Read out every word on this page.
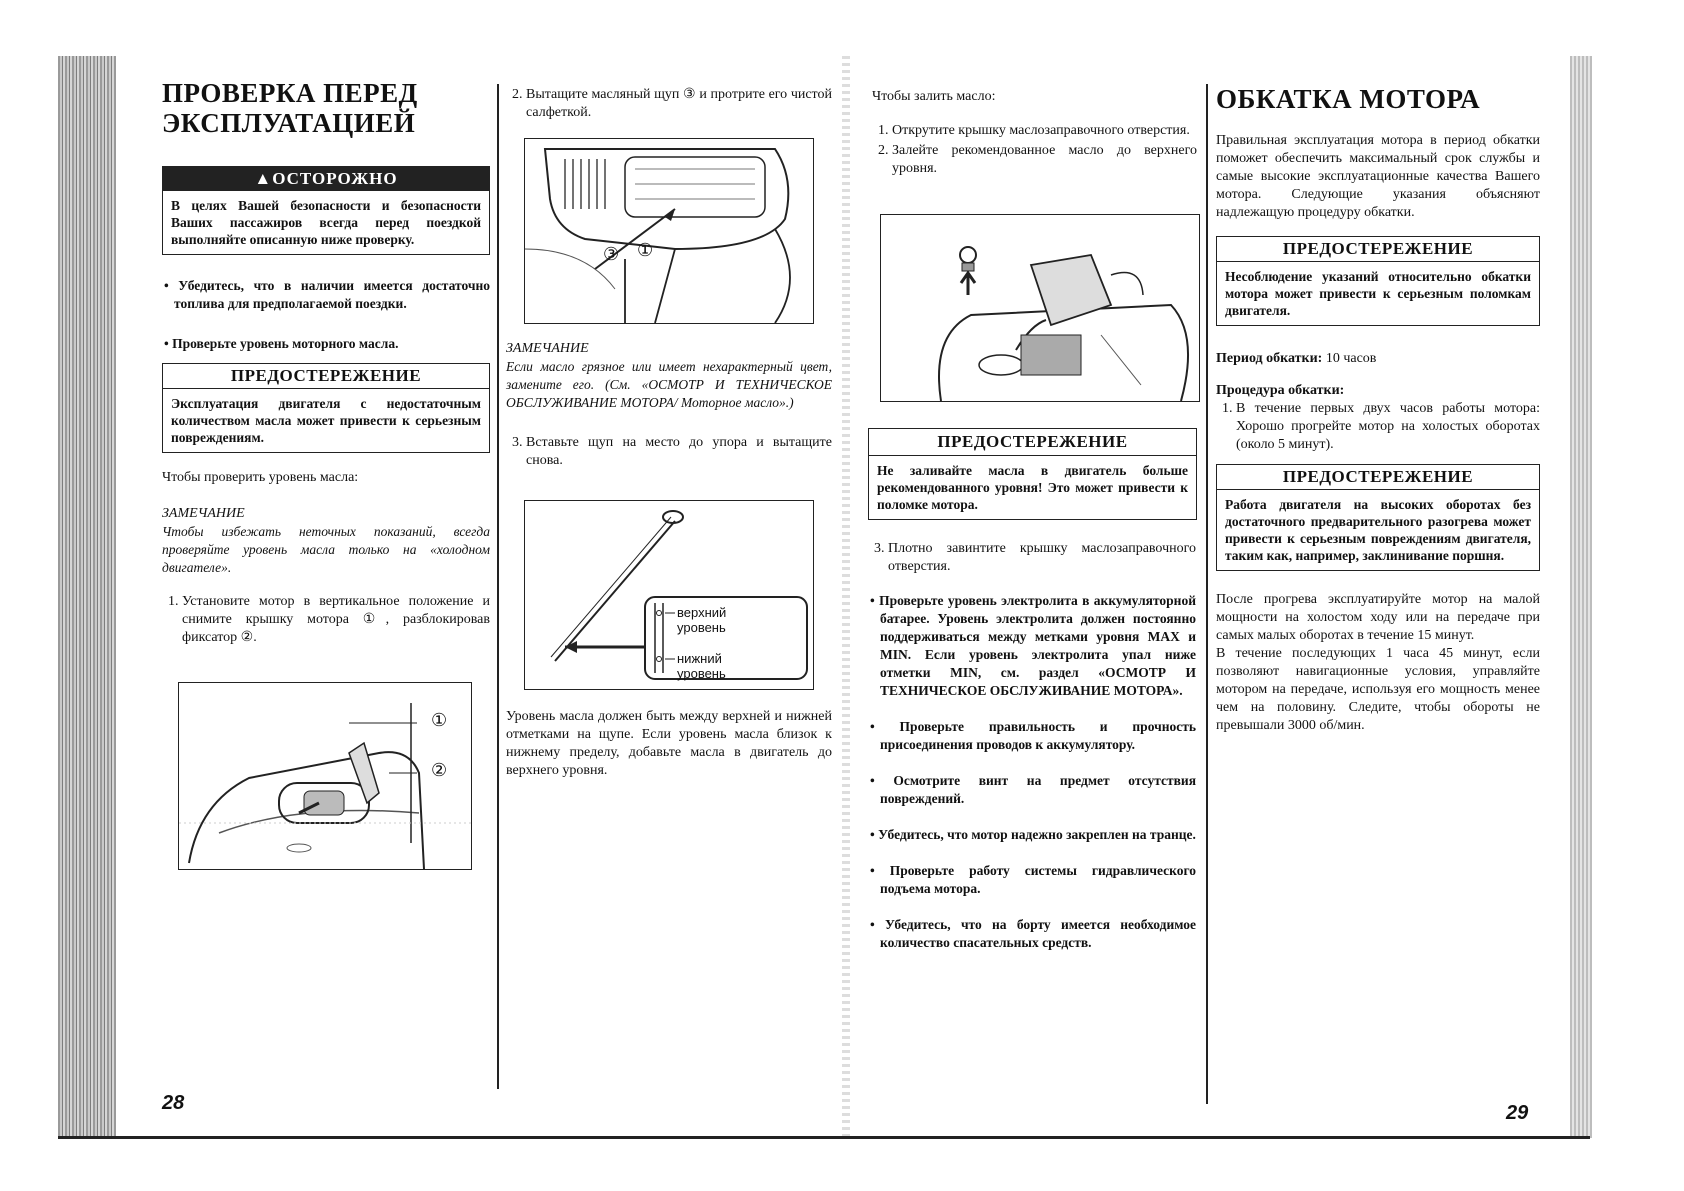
ПРОВЕРКА ПЕРЕД
ЭКСПЛУАТАЦИЕЙ
▲ОСТОРОЖНО
В целях Вашей безопасности и безопасности Ваших пассажиров всегда перед поездкой выполняйте описанную ниже проверку.

• Убедитесь, что в наличии имеется достаточно топлива для предполагаемой поездки.

• Проверьте уровень моторного масла.

ПРЕДОСТЕРЕЖЕНИЕ
Эксплуатация двигателя с недостаточным количеством масла может привести к серьезным повреждениям.

Чтобы проверить уровень масла:

ЗАМЕЧАНИЕ
Чтобы избежать неточных показаний, всегда проверяйте уровень масла только на «холодном двигателе».
1. Установите мотор в вертикальное положение и снимите крышку мотора ①, разблокировав фиксатор ②.
①
②
28
2. Вытащите масляный щуп ③ и протрите его чистой салфеткой.
③ ①
ЗАМЕЧАНИЕ
Если масло грязное или имеет нехарактерный цвет, замените его. (См. «ОСМОТР И ТЕХНИЧЕСКОЕ ОБСЛУЖИВАНИЕ МОТОРА/ Моторное масло».)
3. Вставьте щуп на место до упора и вытащите снова.
верхний уровень
нижний уровень

Уровень масла должен быть между верхней и нижней отметками на щупе. Если уровень масла близок к нижнему пределу, добавьте масла в двигатель до верхнего уровня.

Чтобы залить масло:

1. Открутите крышку маслозаправочного отверстия.
2. Залейте рекомендованное масло до верхнего уровня.
ПРЕДОСТЕРЕЖЕНИЕ
Не заливайте масла в двигатель больше рекомендованного уровня! Это может привести к поломке мотора.
3. Плотно завинтите крышку маслозаправочного отверстия.

• Проверьте уровень электролита в аккумуляторной батарее. Уровень электролита должен постоянно поддерживаться между метками уровня MAX и MIN. Если уровень электролита упал ниже отметки MIN, см. раздел «ОСМОТР И ТЕХНИЧЕСКОЕ ОБСЛУЖИВАНИЕ МОТОРА».

• Проверьте правильность и прочность присоединения проводов к аккумулятору.

• Осмотрите винт на предмет отсутствия повреждений.

• Убедитесь, что мотор надежно закреплен на транце.

• Проверьте работу системы гидравлического подъема мотора.

• Убедитесь, что на борту имеется необходимое количество спасательных средств.

ОБКАТКА МОТОРА

Правильная эксплуатация мотора в период обкатки поможет обеспечить максимальный срок службы и самые высокие эксплуатационные качества Вашего мотора. Следующие указания объясняют надлежащую процедуру обкатки.

ПРЕДОСТЕРЕЖЕНИЕ
Несоблюдение указаний относительно обкатки мотора может привести к серьезным поломкам двигателя.

Период обкатки: 10 часов

Процедура обкатки:

1. В течение первых двух часов работы мотора: Хорошо прогрейте мотор на холостых оборотах (около 5 минут).
ПРЕДОСТЕРЕЖЕНИЕ
Работа двигателя на высоких оборотах без достаточного предварительного разогрева может привести к серьезным повреждениям двигателя, таким как, например, заклинивание поршня.

После прогрева эксплуатируйте мотор на малой мощности на холостом ходу или на передаче при самых малых оборотах в течение 15 минут.

В течение последующих 1 часа 45 минут, если позволяют навигационные условия, управляйте мотором на передаче, используя его мощность менее чем на половину. Следите, чтобы обороты не превышали 3000 об/мин.

29
